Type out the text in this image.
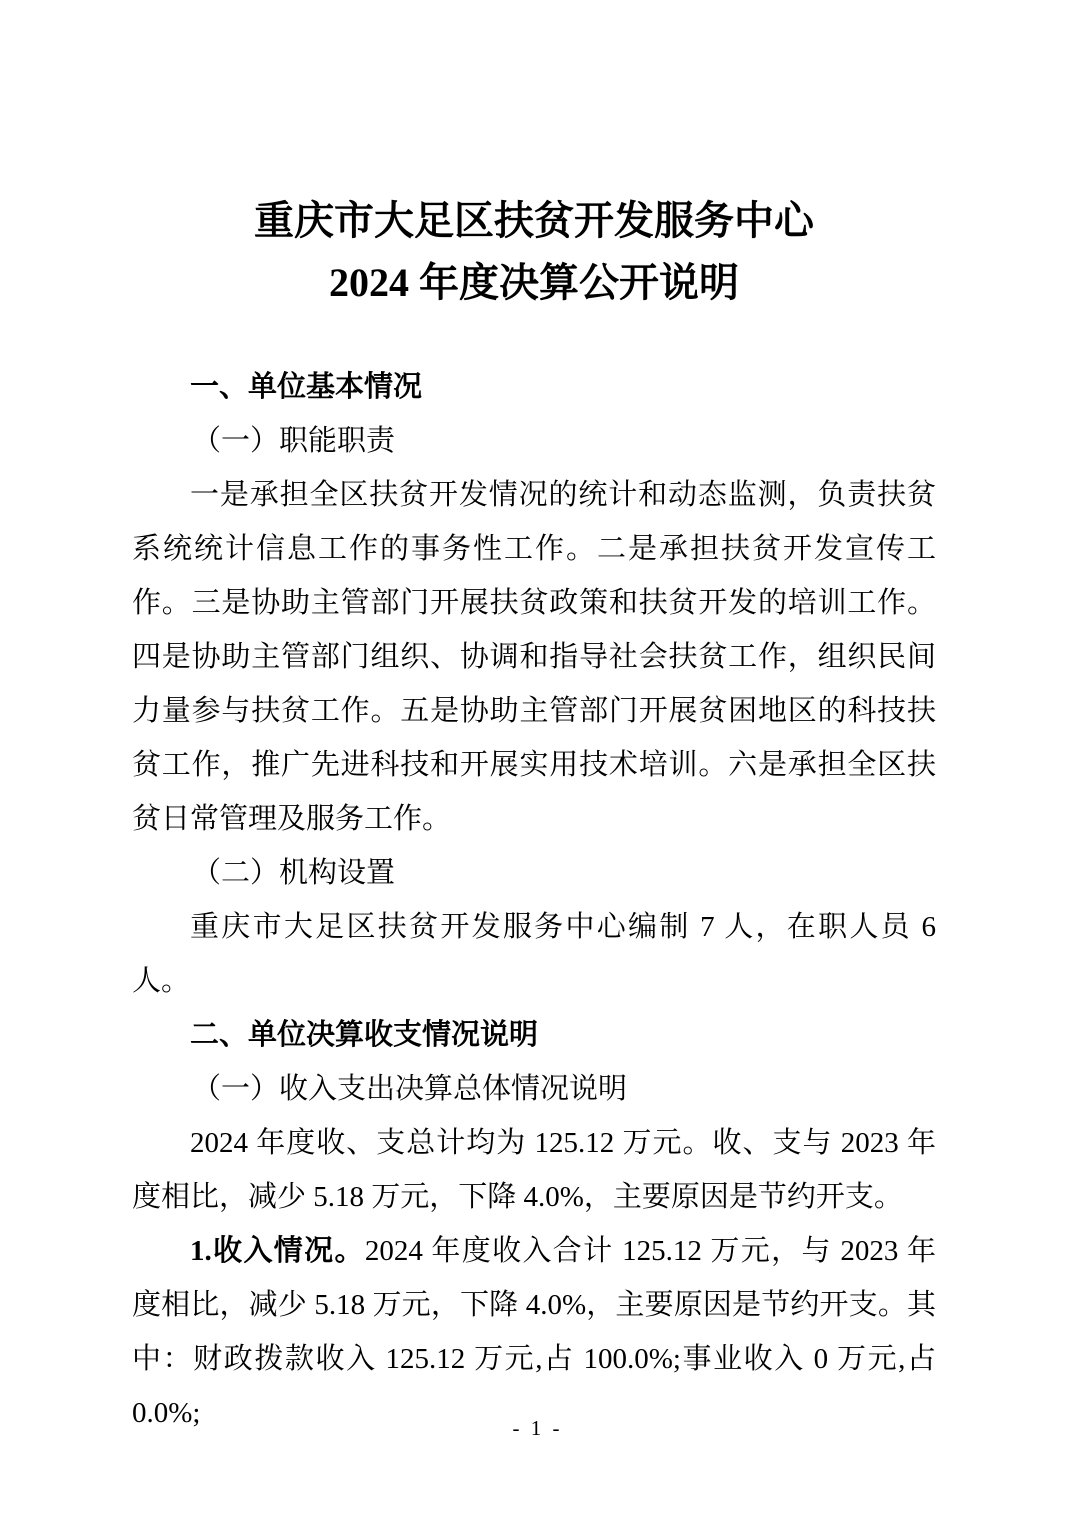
重庆市大足区扶贫开发服务中心
2024 年度决算公开说明
一、单位基本情况
（一）职能职责
一是承担全区扶贫开发情况的统计和动态监测，负责扶贫系统统计信息工作的事务性工作。二是承担扶贫开发宣传工作。三是协助主管部门开展扶贫政策和扶贫开发的培训工作。四是协助主管部门组织、协调和指导社会扶贫工作，组织民间力量参与扶贫工作。五是协助主管部门开展贫困地区的科技扶贫工作，推广先进科技和开展实用技术培训。六是承担全区扶贫日常管理及服务工作。
（二）机构设置
重庆市大足区扶贫开发服务中心编制 7 人，在职人员 6 人。
二、单位决算收支情况说明
（一）收入支出决算总体情况说明
2024 年度收、支总计均为 125.12 万元。收、支与 2023 年度相比，减少 5.18 万元，下降 4.0%，主要原因是节约开支。
1.收入情况。2024 年度收入合计 125.12 万元，与 2023 年度相比，减少 5.18 万元，下降 4.0%，主要原因是节约开支。其中：财政拨款收入 125.12 万元,占 100.0%;事业收入 0 万元,占 0.0%;	- 1 -
